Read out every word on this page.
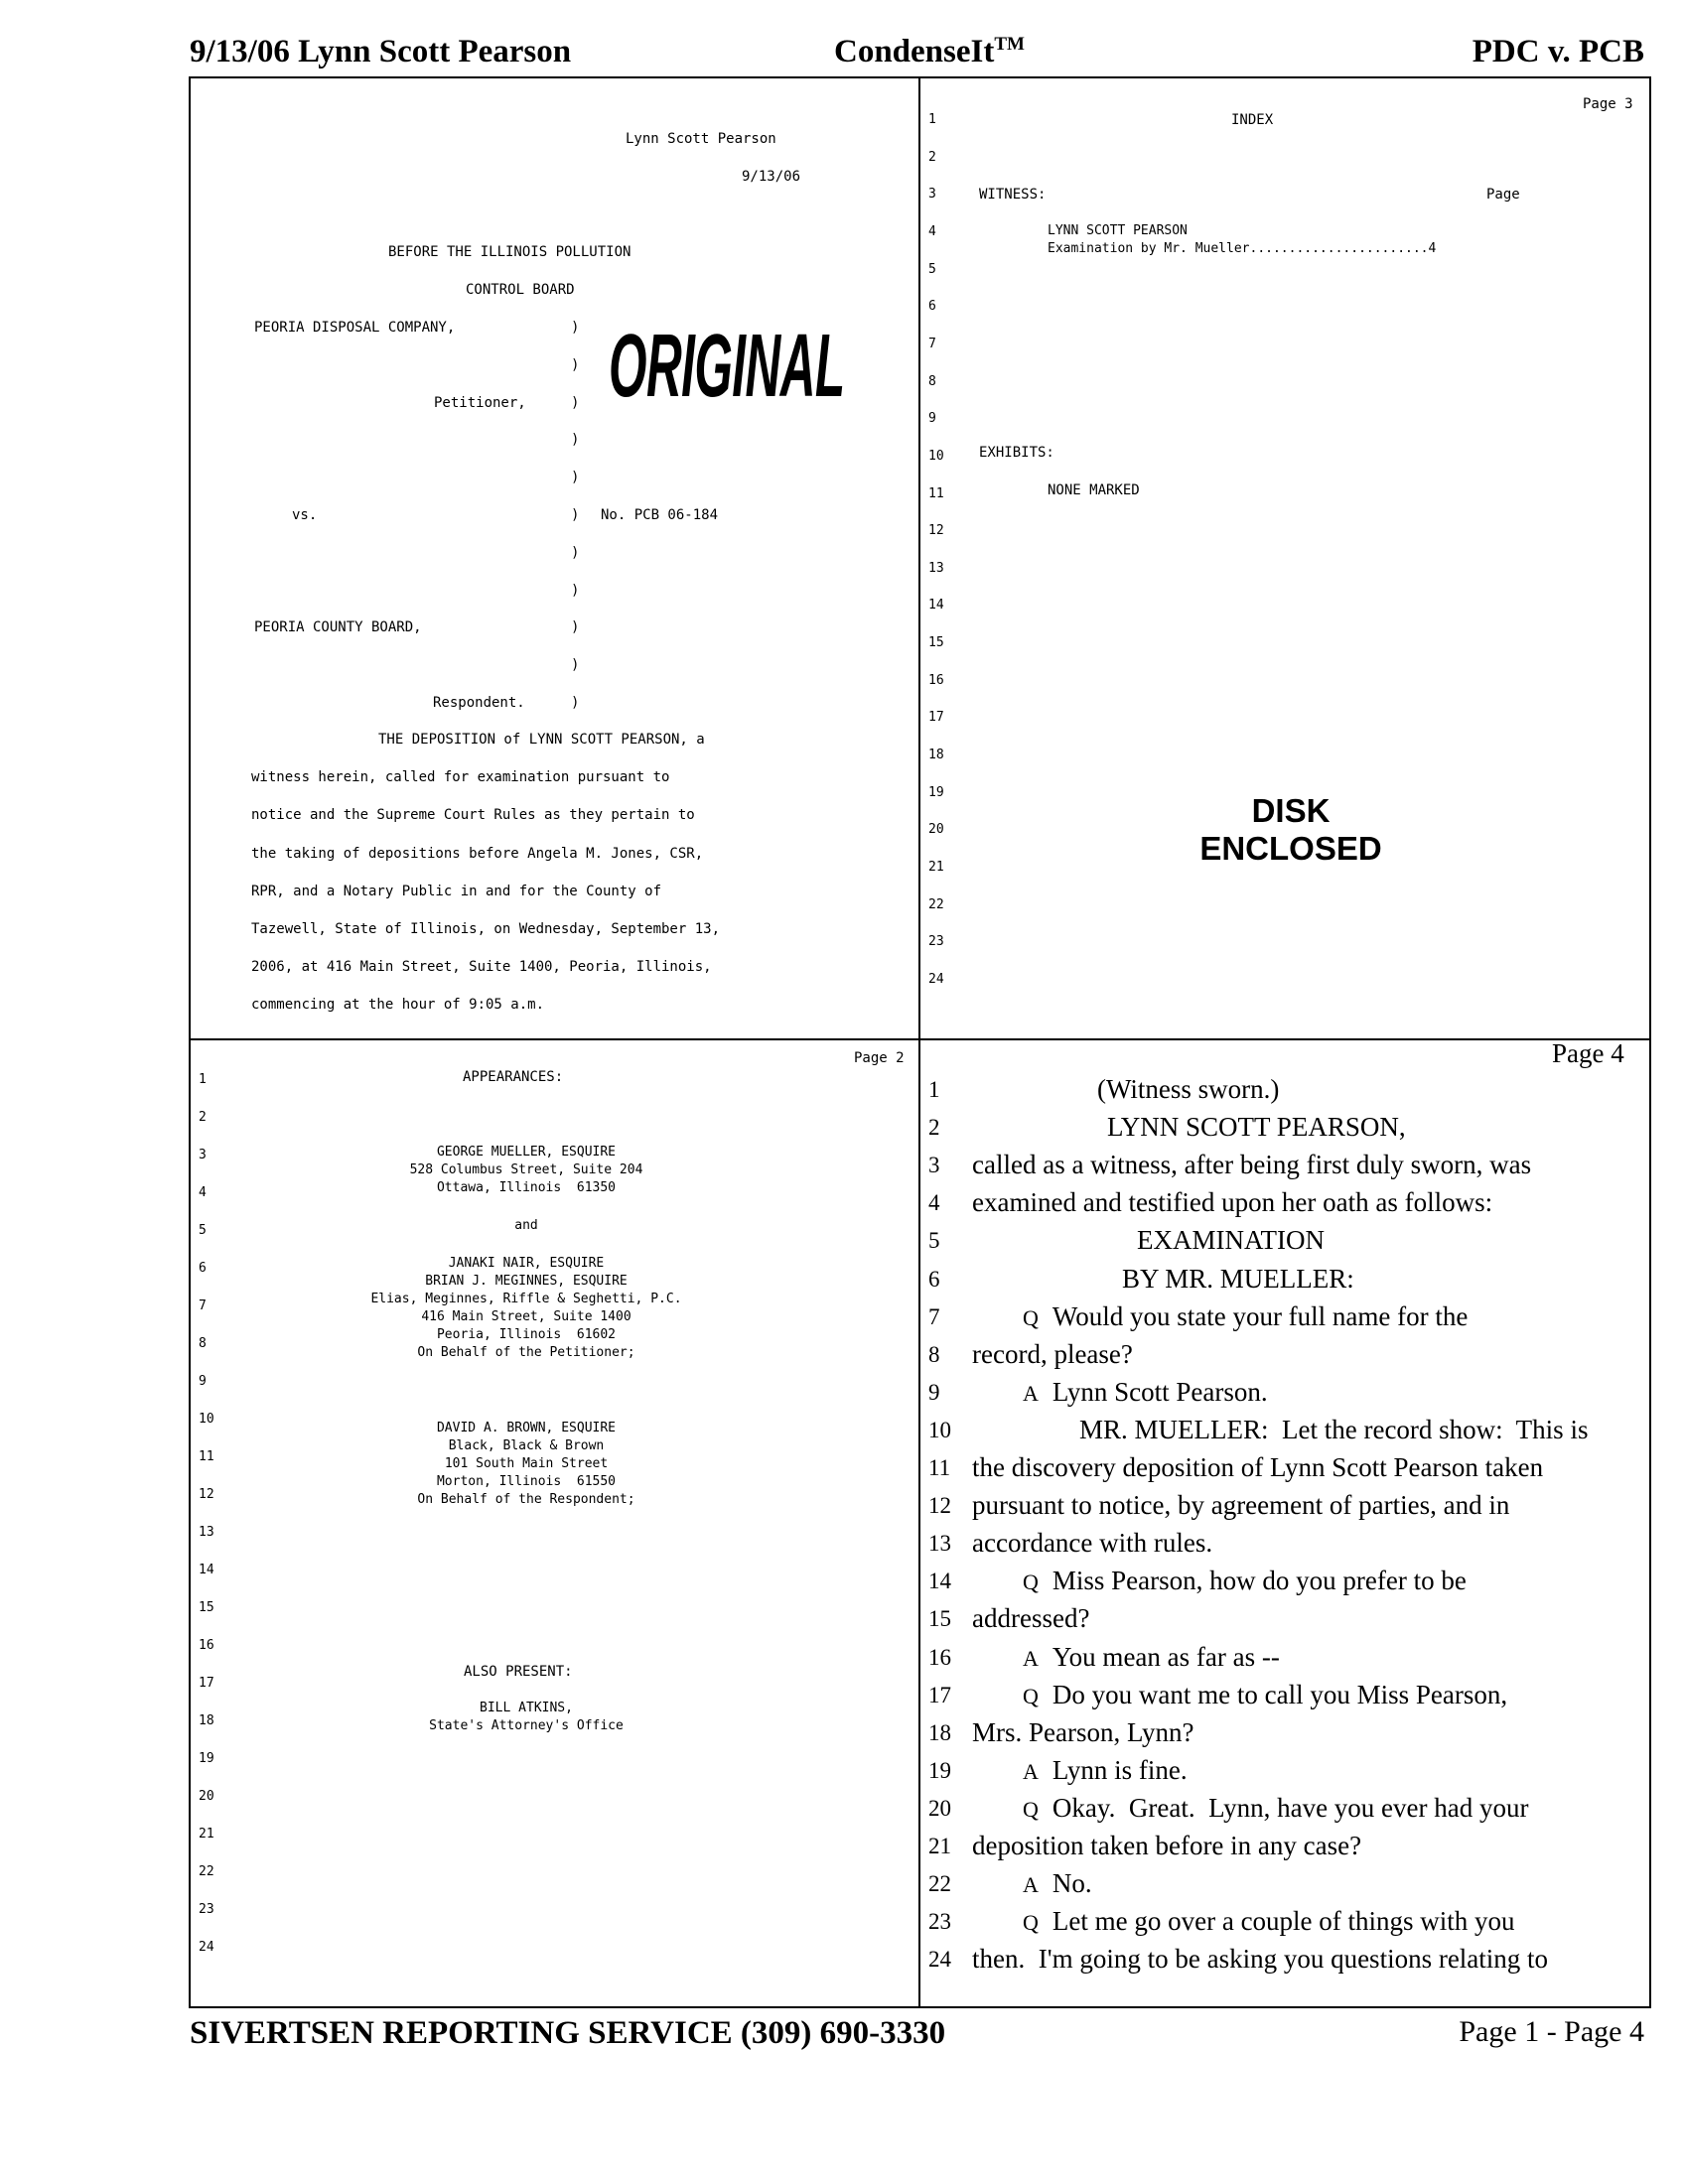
9/13/06 Lynn Scott Pearson	CondenseIt™	PDC v. PCB
Lynn Scott Pearson
9/13/06
BEFORE THE ILLINOIS POLLUTION
CONTROL BOARD
ORIGINAL
PEORIA DISPOSAL COMPANY,	)
)
Petitioner,	)
)
)
vs.	) No. PCB 06-184
)
)
PEORIA COUNTY BOARD,	)
)
Respondent.	)
THE DEPOSITION of LYNN SCOTT PEARSON, a
witness herein, called for examination pursuant to
notice and the Supreme Court Rules as they pertain to
the taking of depositions before Angela M. Jones, CSR,
RPR, and a Notary Public in and for the County of
Tazewell, State of Illinois, on Wednesday, September 13,
2006, at 416 Main Street, Suite 1400, Peoria, Illinois,
commencing at the hour of 9:05 a.m.
Page 3
1
2
3
4
5
6
7
8
9
10
11
12
13
14
15
16
17
18
19
20
21
22
23
24
INDEX
WITNESS:	Page
LYNN SCOTT PEARSON
Examination by Mr. Mueller.......................4
EXHIBITS:
NONE MARKED
DISK
ENCLOSED
Page 2
1
2
3
4
5
6
7
8
9
10
11
12
13
14
15
16
17
18
19
20
21
22
23
24
APPEARANCES:
GEORGE MUELLER, ESQUIRE
528 Columbus Street, Suite 204
Ottawa, Illinois  61350
and
JANAKI NAIR, ESQUIRE
BRIAN J. MEGINNES, ESQUIRE
Elias, Meginnes, Riffle & Seghetti, P.C.
416 Main Street, Suite 1400
Peoria, Illinois  61602
On Behalf of the Petitioner;
DAVID A. BROWN, ESQUIRE
Black, Black & Brown
101 South Main Street
Morton, Illinois  61550
On Behalf of the Respondent;
ALSO PRESENT:
BILL ATKINS,
State's Attorney's Office
Page 4
1	(Witness sworn.)
2	LYNN SCOTT PEARSON,
3 called as a witness, after being first duly sworn, was
4 examined and testified upon her oath as follows:
5	EXAMINATION
6	BY MR. MUELLER:
7	Q Would you state your full name for the
8 record, please?
9	A Lynn Scott Pearson.
10	MR. MUELLER:  Let the record show:  This is
11 the discovery deposition of Lynn Scott Pearson taken
12 pursuant to notice, by agreement of parties, and in
13 accordance with rules.
14	Q Miss Pearson, how do you prefer to be
15 addressed?
16	A You mean as far as --
17	Q Do you want me to call you Miss Pearson,
18 Mrs. Pearson, Lynn?
19	A Lynn is fine.
20	Q Okay.  Great.  Lynn, have you ever had your
21 deposition taken before in any case?
22	A No.
23	Q Let me go over a couple of things with you
24 then.  I'm going to be asking you questions relating to
SIVERTSEN REPORTING SERVICE (309) 690-3330	Page 1 - Page 4
